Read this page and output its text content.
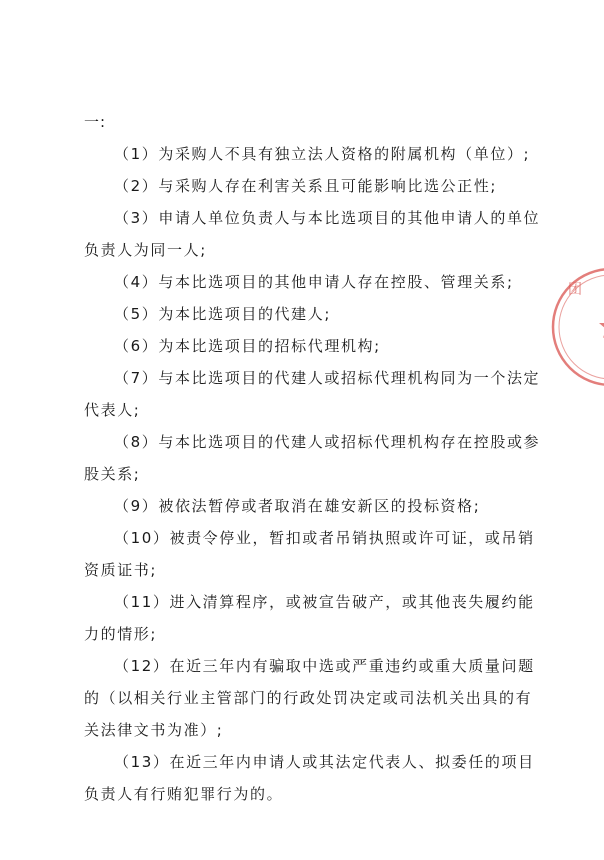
一:

（1）为采购人不具有独立法人资格的附属机构（单位）;

（2）与采购人存在利害关系且可能影响比选公正性;

（3）申请人单位负责人与本比选项目的其他申请人的单位负责人为同一人;

（4）与本比选项目的其他申请人存在控股、管理关系;

（5）为本比选项目的代建人;

（6）为本比选项目的招标代理机构;

（7）与本比选项目的代建人或招标代理机构同为一个法定代表人;

（8）与本比选项目的代建人或招标代理机构存在控股或参股关系;

（9）被依法暂停或者取消在雄安新区的投标资格;

（10）被责令停业，暂扣或者吊销执照或许可证，或吊销资质证书;

（11）进入清算程序，或被宣告破产，或其他丧失履约能力的情形;

（12）在近三年内有骗取中选或严重违约或重大质量问题的（以相关行业主管部门的行政处罚决定或司法机关出具的有关法律文书为准）;

（13）在近三年内申请人或其法定代表人、拟委任的项目负责人有行贿犯罪行为的。

团
